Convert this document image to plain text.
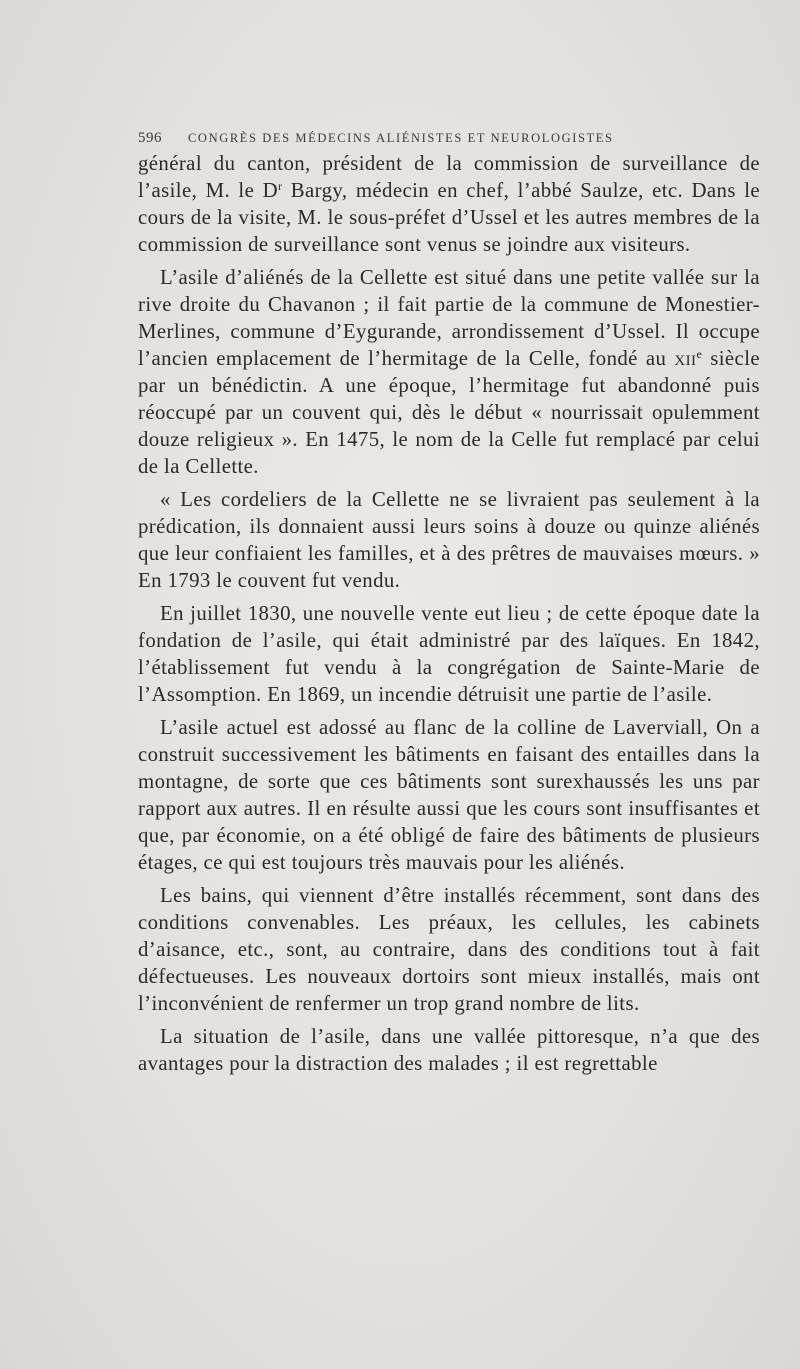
596 CONGRÈS DES MÉDECINS ALIÉNISTES ET NEUROLOGISTES

général du canton, président de la commission de surveillance de l’asile, M. le $D^r$ Bargy, médecin en chef, l’abbé Saulze, etc. Dans le cours de la visite, M. le sous-préfet d’Ussel et les autres membres de la commission de surveillance sont venus se joindre aux visiteurs.

L’asile d’aliénés de la Cellette est situé dans une petite vallée sur la rive droite du Chavanon ; il fait partie de la commune de Monestier-Merlines, commune d’Eygurande, arrondissement d’Ussel. Il occupe l’ancien emplacement de l’hermitage de la Celle, fondé au xii$^e$ siècle par un bénédictin. A une époque, l’hermitage fut abandonné puis réoccupé par un couvent qui, dès le début « nourrissait opulemment douze religieux ». En 1475, le nom de la Celle fut remplacé par celui de la Cellette.

« Les cordeliers de la Cellette ne se livraient pas seulement à la prédication, ils donnaient aussi leurs soins à douze ou quinze aliénés que leur confiaient les familles, et à des prêtres de mauvaises mœurs. » En 1793 le couvent fut vendu.

En juillet 1830, une nouvelle vente eut lieu ; de cette époque date la fondation de l’asile, qui était administré par des laïques. En 1842, l’établissement fut vendu à la congrégation de Sainte-Marie de l’Assomption. En 1869, un incendie détruisit une partie de l’asile.

L’asile actuel est adossé au flanc de la colline de Laverviall, On a construit successivement les bâtiments en faisant des entailles dans la montagne, de sorte que ces bâtiments sont surexhaussés les uns par rapport aux autres. Il en résulte aussi que les cours sont insuffisantes et que, par économie, on a été obligé de faire des bâtiments de plusieurs étages, ce qui est toujours très mauvais pour les aliénés.

Les bains, qui viennent d’être installés récemment, sont dans des conditions convenables. Les préaux, les cellules, les cabinets d’aisance, etc., sont, au contraire, dans des conditions tout à fait défectueuses. Les nouveaux dortoirs sont mieux installés, mais ont l’inconvénient de renfermer un trop grand nombre de lits.

La situation de l’asile, dans une vallée pittoresque, n’a que des avantages pour la distraction des malades ; il est regrettable
